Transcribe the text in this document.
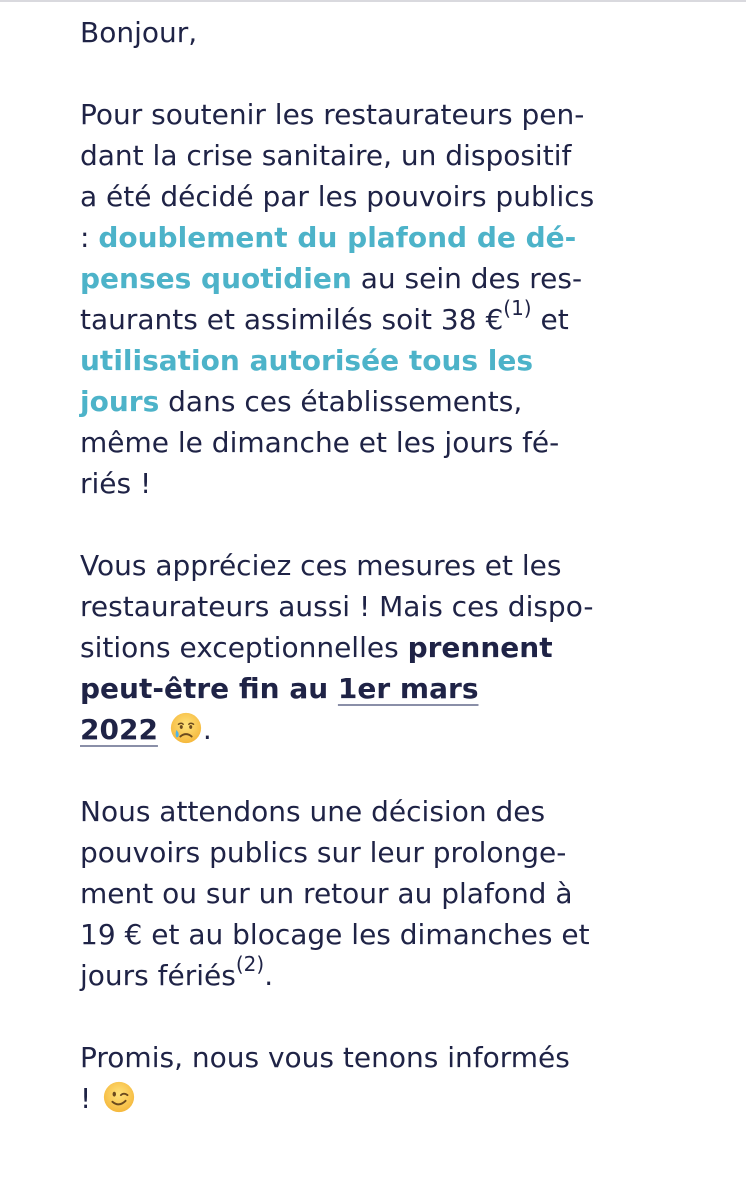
Bonjour,
Pour soutenir les restaurateurs pen-
dant la crise sanitaire, un dispositif
a été décidé par les pouvoirs publics
: doublement du plafond de dé-
penses quotidien au sein des res-
taurants et assimilés soit 38 €$^{(1)}$ et
utilisation autorisée tous les
jours dans ces établissements,
même le dimanche et les jours fé-
riés !
Vous appréciez ces mesures et les
restaurateurs aussi ! Mais ces dispo-
sitions exceptionnelles prennent
peut-être fin au 1er mars
2022 .
Nous attendons une décision des
pouvoirs publics sur leur prolonge-
ment ou sur un retour au plafond à
19 € et au blocage les dimanches et
jours fériés$^{(2)}$.
Promis, nous vous tenons informés
!
